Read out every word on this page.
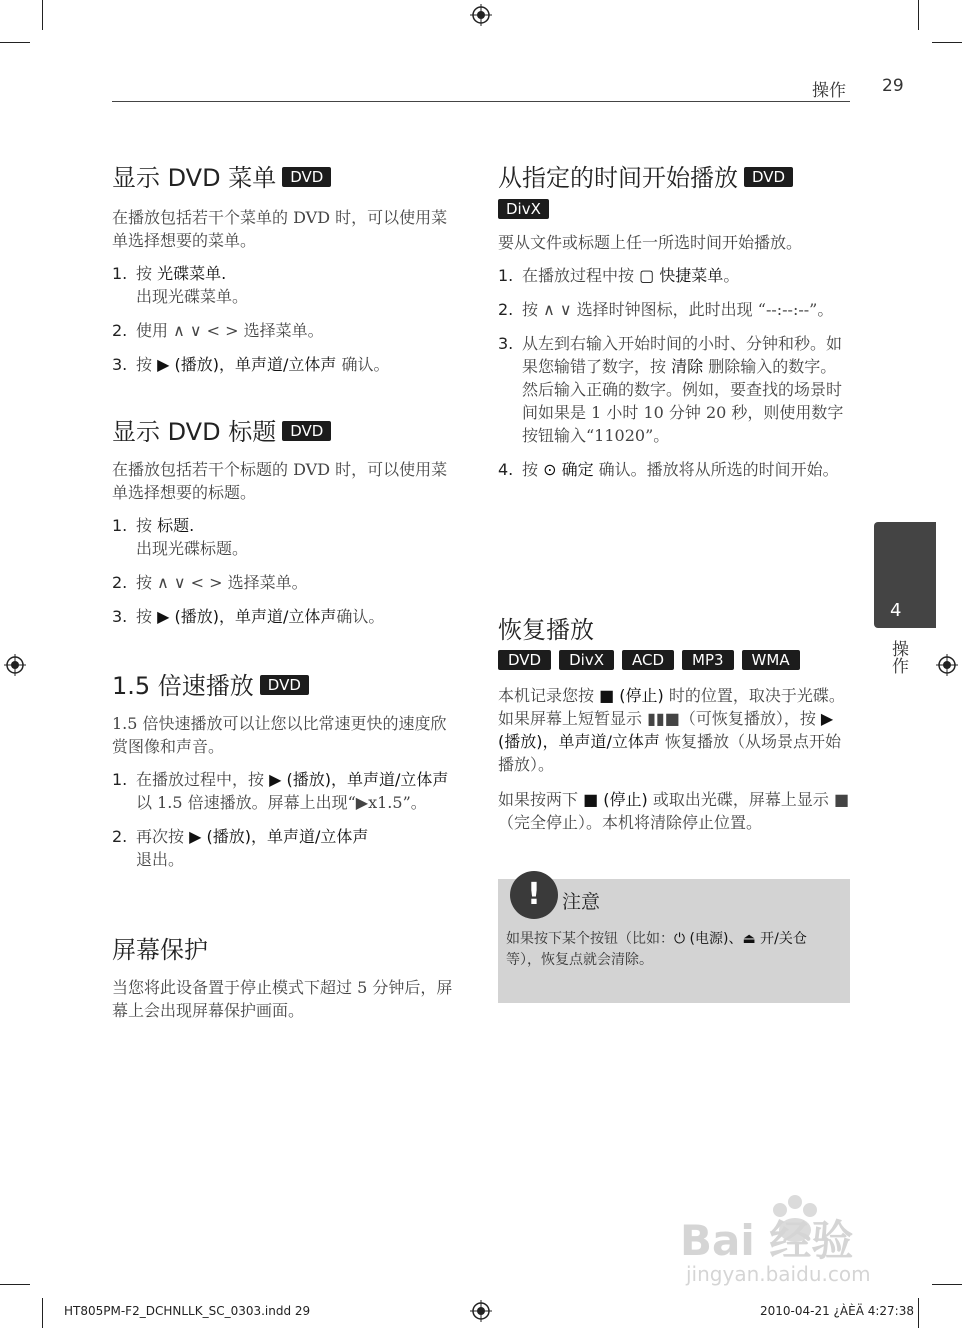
操作 29
4
操作
显示 DVD 菜单 DVD

在播放包括若干个菜单的 DVD 时，可以使用菜单选择想要的菜单。

1. 按 光碟菜单.
出现光碟菜单。
2. 使用 ∧ ∨ < > 选择菜单。
3. 按 ▶ (播放)，单声道/立体声 确认。
显示 DVD 标题 DVD

在播放包括若干个标题的 DVD 时，可以使用菜单选择想要的标题。

1. 按 标题.
出现光碟标题。
2. 按 ∧ ∨ < > 选择菜单。
3. 按 ▶ (播放)，单声道/立体声确认。
1.5 倍速播放 DVD

1.5 倍快速播放可以让您以比常速更快的速度欣赏图像和声音。

1. 在播放过程中，按 ▶ (播放)，单声道/立体声 以 1.5 倍速播放。屏幕上出现“▶x1.5”。
2. 再次按 ▶ (播放)，单声道/立体声
退出。
屏幕保护

当您将此设备置于停止模式下超过 5 分钟后，屏幕上会出现屏幕保护画面。

从指定的时间开始播放 DVD
DivX

要从文件或标题上任一所选时间开始播放。

1. 在播放过程中按 ▢ 快捷菜单。
2. 按 ∧ ∨ 选择时钟图标，此时出现 “--:--:--”。
3. 从左到右输入开始时间的小时、分钟和秒。如果您输错了数字，按 清除 删除输入的数字。然后输入正确的数字。例如，要查找的场景时间如果是 1 小时 10 分钟 20 秒，则使用数字按钮输入“11020”。
4. 按 ⊙ 确定 确认。播放将从所选的时间开始。
恢复播放
DVD	DivX	ACD	MP3	WMA

本机记录您按 ■ (停止) 时的位置，取决于光碟。如果屏幕上短暂显示 ▮▮■（可恢复播放），按 ▶ (播放)，单声道/立体声 恢复播放（从场景点开始播放）。

如果按两下 ■ (停止) 或取出光碟，屏幕上显示 ■（完全停止）。本机将清除停止位置。

!	注意
如果按下某个按钮（比如：⏻ (电源)、⏏ 开/关仓 等），恢复点就会清除。
Bai 经验
jingyan.baidu.com
HT805PM-F2_DCHNLLK_SC_0303.indd 29	2010-04-21 ¿ÀÈÄ 4:27:38
